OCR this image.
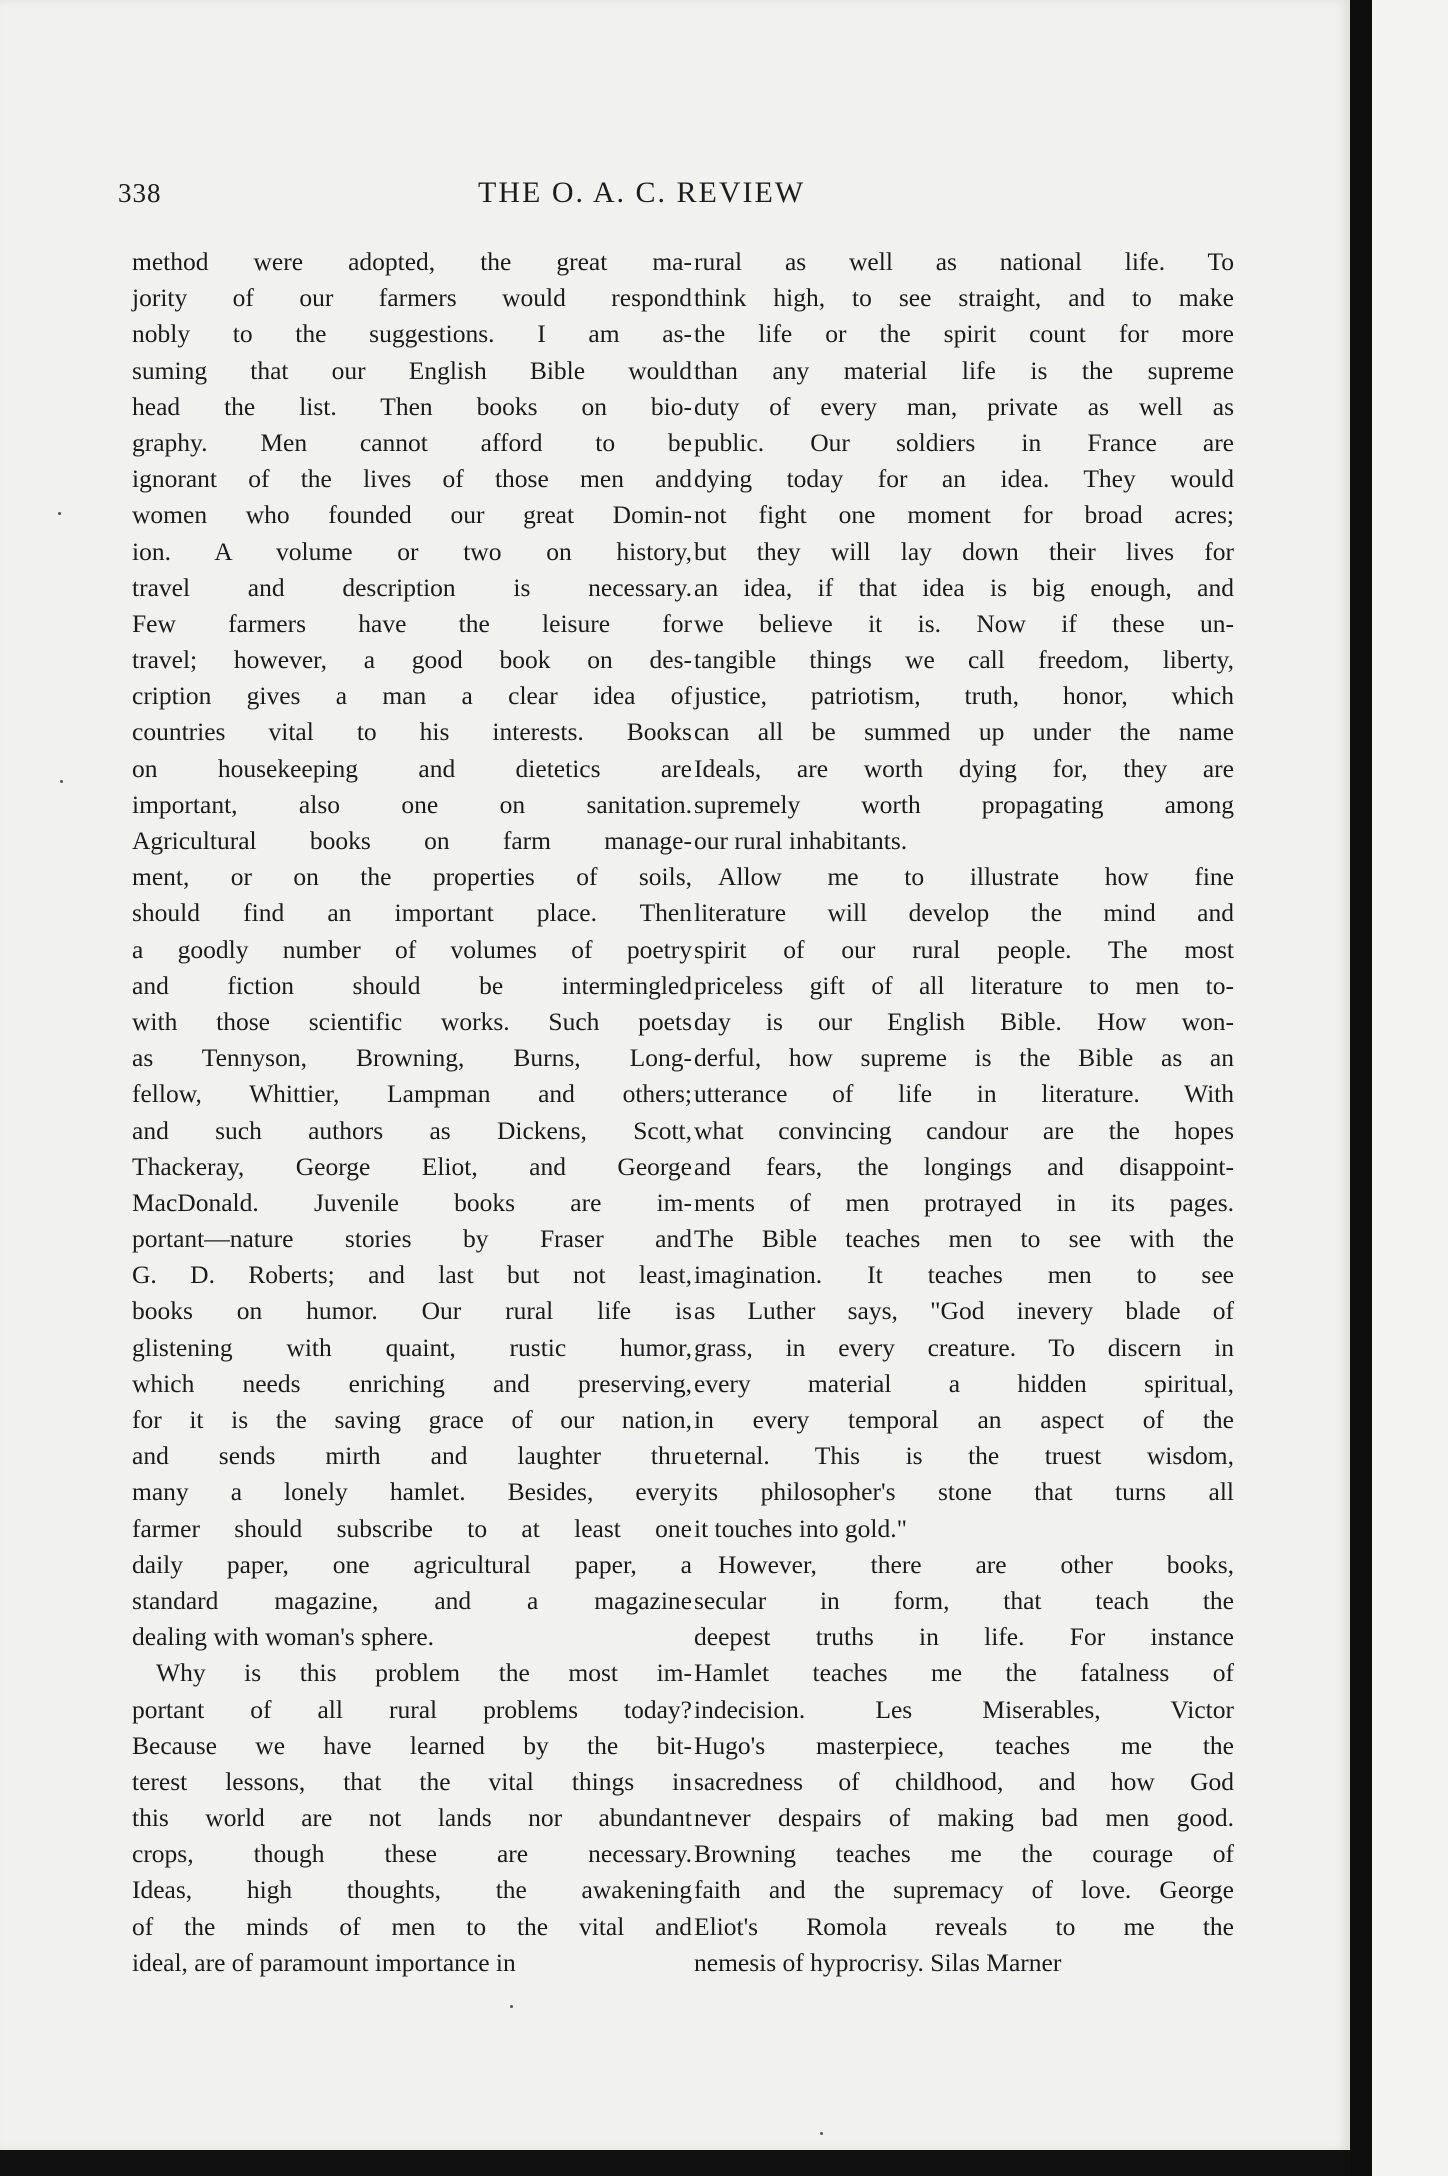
338	THE O. A. C. REVIEW
method were adopted, the great ma-
jority of our farmers would respond
nobly to the suggestions. I am as-
suming that our English Bible would
head the list. Then books on bio-
graphy. Men cannot afford to be
ignorant of the lives of those men and
women who founded our great Domin-
ion. A volume or two on history,
travel and description is necessary.
Few farmers have the leisure for
travel; however, a good book on des-
cription gives a man a clear idea of
countries vital to his interests. Books
on housekeeping and dietetics are
important, also one on sanitation.
Agricultural books on farm manage-
ment, or on the properties of soils,
should find an important place. Then
a goodly number of volumes of poetry
and fiction should be intermingled
with those scientific works. Such poets
as Tennyson, Browning, Burns, Long-
fellow, Whittier, Lampman and others;
and such authors as Dickens, Scott,
Thackeray, George Eliot, and George
MacDonald. Juvenile books are im-
portant—nature stories by Fraser and
G. D. Roberts; and last but not least,
books on humor. Our rural life is
glistening with quaint, rustic humor,
which needs enriching and preserving,
for it is the saving grace of our nation,
and sends mirth and laughter thru
many a lonely hamlet. Besides, every
farmer should subscribe to at least one
daily paper, one agricultural paper, a
standard magazine, and a magazine
dealing with woman's sphere.
Why is this problem the most im-
portant of all rural problems today?
Because we have learned by the bit-
terest lessons, that the vital things in
this world are not lands nor abundant
crops, though these are necessary.
Ideas, high thoughts, the awakening
of the minds of men to the vital and
ideal, are of paramount importance in
rural as well as national life. To
think high, to see straight, and to make
the life or the spirit count for more
than any material life is the supreme
duty of every man, private as well as
public. Our soldiers in France are
dying today for an idea. They would
not fight one moment for broad acres;
but they will lay down their lives for
an idea, if that idea is big enough, and
we believe it is. Now if these un-
tangible things we call freedom, liberty,
justice, patriotism, truth, honor, which
can all be summed up under the name
Ideals, are worth dying for, they are
supremely worth propagating among
our rural inhabitants.
Allow me to illustrate how fine
literature will develop the mind and
spirit of our rural people. The most
priceless gift of all literature to men to-
day is our English Bible. How won-
derful, how supreme is the Bible as an
utterance of life in literature. With
what convincing candour are the hopes
and fears, the longings and disappoint-
ments of men protrayed in its pages.
The Bible teaches men to see with the
imagination. It teaches men to see
as Luther says, "God inevery blade of
grass, in every creature. To discern in
every material a hidden spiritual,
in every temporal an aspect of the
eternal. This is the truest wisdom,
its philosopher's stone that turns all
it touches into gold."
However, there are other books,
secular in form, that teach the
deepest truths in life. For instance
Hamlet teaches me the fatalness of
indecision. Les Miserables, Victor
Hugo's masterpiece, teaches me the
sacredness of childhood, and how God
never despairs of making bad men good.
Browning teaches me the courage of
faith and the supremacy of love. George
Eliot's Romola reveals to me the
nemesis of hyprocrisy. Silas Marner
